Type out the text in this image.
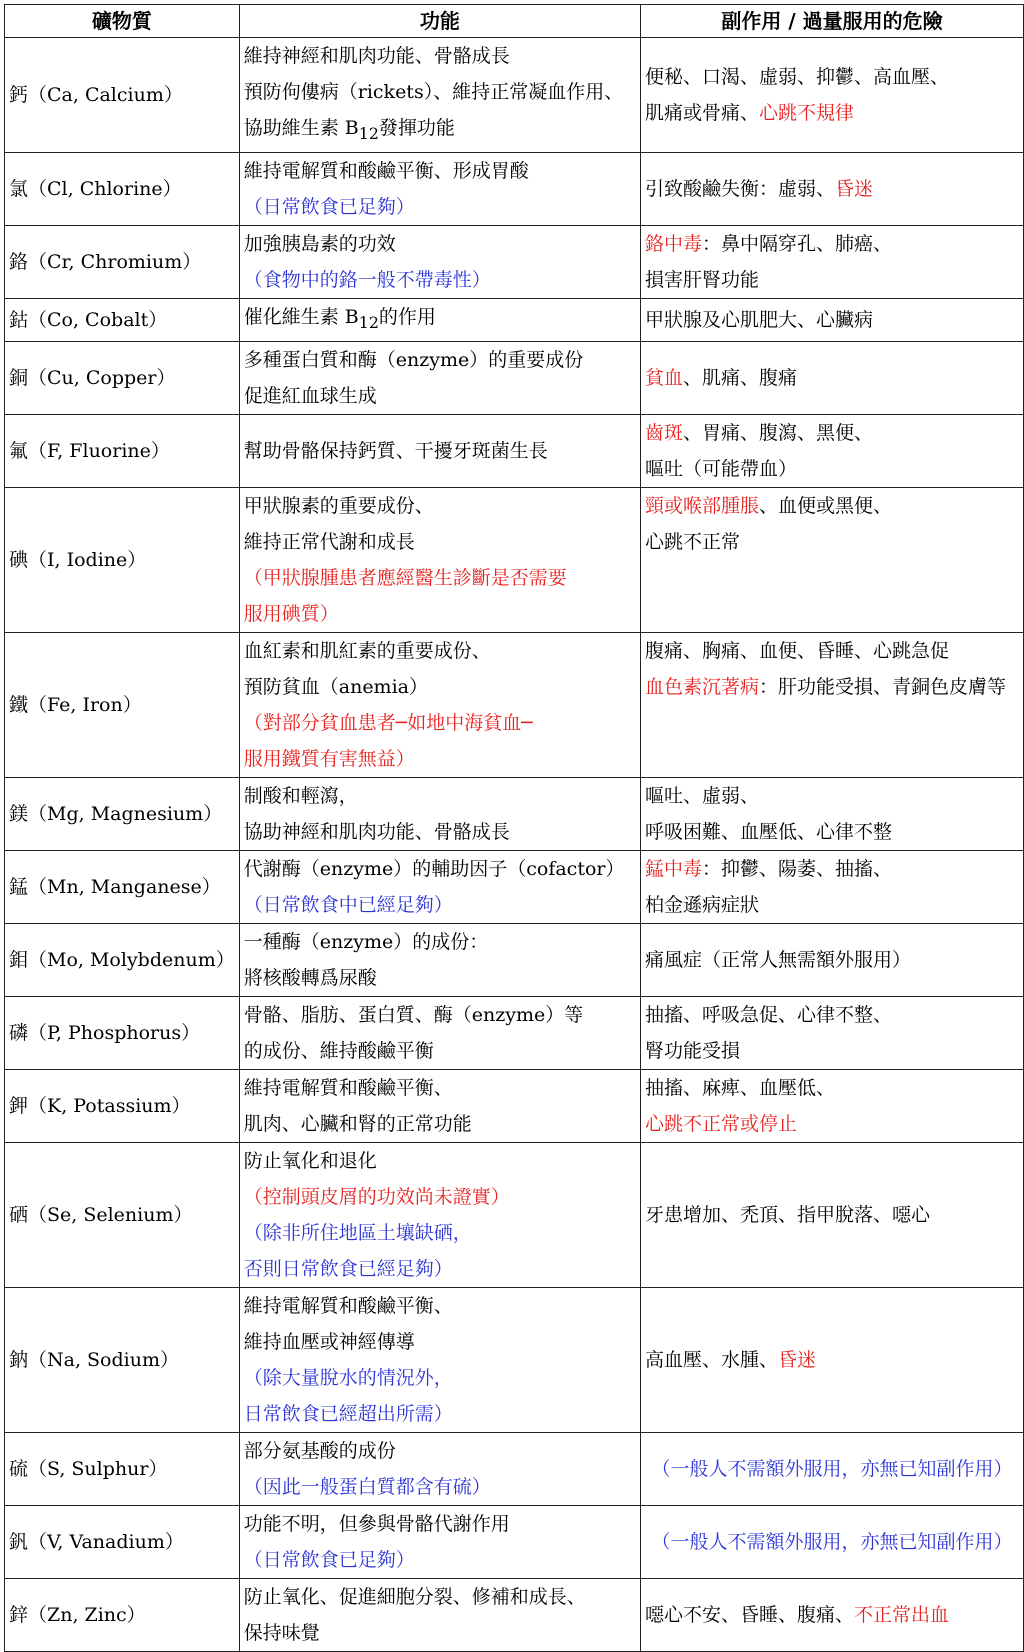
礦物質	功能	副作用 / 過量服用的危險
鈣（Ca, Calcium）	維持神經和肌肉功能、骨骼成長
預防佝僂病（rickets）、維持正常凝血作用、
協助維生素 $B_{12}$發揮功能	便秘、口渴、虛弱、抑鬱、高血壓、
肌痛或骨痛、心跳不規律

氯（Cl, Chlorine）	維持電解質和酸鹼平衡、形成胃酸
（日常飲食已足夠）	引致酸鹼失衡：虛弱、昏迷

鉻（Cr, Chromium）	加強胰島素的功效
（食物中的鉻一般不帶毒性）	鉻中毒：鼻中隔穿孔、肺癌、
損害肝腎功能

鈷（Co, Cobalt）	催化維生素 $B_{12}$的作用	甲狀腺及心肌肥大、心臟病

銅（Cu, Copper）	多種蛋白質和酶（enzyme）的重要成份
促進紅血球生成	貧血、肌痛、腹痛

氟（F, Fluorine）	幫助骨骼保持鈣質、干擾牙斑菌生長	齒斑、胃痛、腹瀉、黑便、
嘔吐（可能帶血）

碘（I, Iodine）	甲狀腺素的重要成份、
維持正常代謝和成長
（甲狀腺腫患者應經醫生診斷是否需要
服用碘質）	頸或喉部腫脹、血便或黑便、
心跳不正常

鐵（Fe, Iron）	血紅素和肌紅素的重要成份、
預防貧血（anemia）
（對部分貧血患者─如地中海貧血─
服用鐵質有害無益）	腹痛、胸痛、血便、昏睡、心跳急促
血色素沉著病：肝功能受損、青銅色皮膚等

鎂（Mg, Magnesium）	制酸和輕瀉，
協助神經和肌肉功能、骨骼成長	嘔吐、虛弱、
呼吸困難、血壓低、心律不整

錳（Mn, Manganese）	代謝酶（enzyme）的輔助因子（cofactor）
（日常飲食中已經足夠）	錳中毒：抑鬱、陽萎、抽搐、
柏金遜病症狀

鉬（Mo, Molybdenum）	一種酶（enzyme）的成份：
將核酸轉爲尿酸	痛風症（正常人無需額外服用）

磷（P, Phosphorus）	骨骼、脂肪、蛋白質、酶（enzyme）等
的成份、維持酸鹼平衡	抽搐、呼吸急促、心律不整、
腎功能受損

鉀（K, Potassium）	維持電解質和酸鹼平衡、
肌肉、心臟和腎的正常功能	抽搐、麻痺、血壓低、
心跳不正常或停止

硒（Se, Selenium）	防止氧化和退化
（控制頭皮屑的功效尚未證實）
（除非所住地區土壤缺硒，
否則日常飲食已經足夠）	牙患增加、禿頂、指甲脫落、噁心

鈉（Na, Sodium）	維持電解質和酸鹼平衡、
維持血壓或神經傳導
（除大量脫水的情況外，
日常飲食已經超出所需）	高血壓、水腫、昏迷

硫（S, Sulphur）	部分氨基酸的成份
（因此一般蛋白質都含有硫）	（一般人不需額外服用，亦無已知副作用）

釩（V, Vanadium）	功能不明，但參與骨骼代謝作用
（日常飲食已足夠）	（一般人不需額外服用，亦無已知副作用）

鋅（Zn, Zinc）	防止氧化、促進細胞分裂、修補和成長、
保持味覺	噁心不安、昏睡、腹痛、不正常出血
